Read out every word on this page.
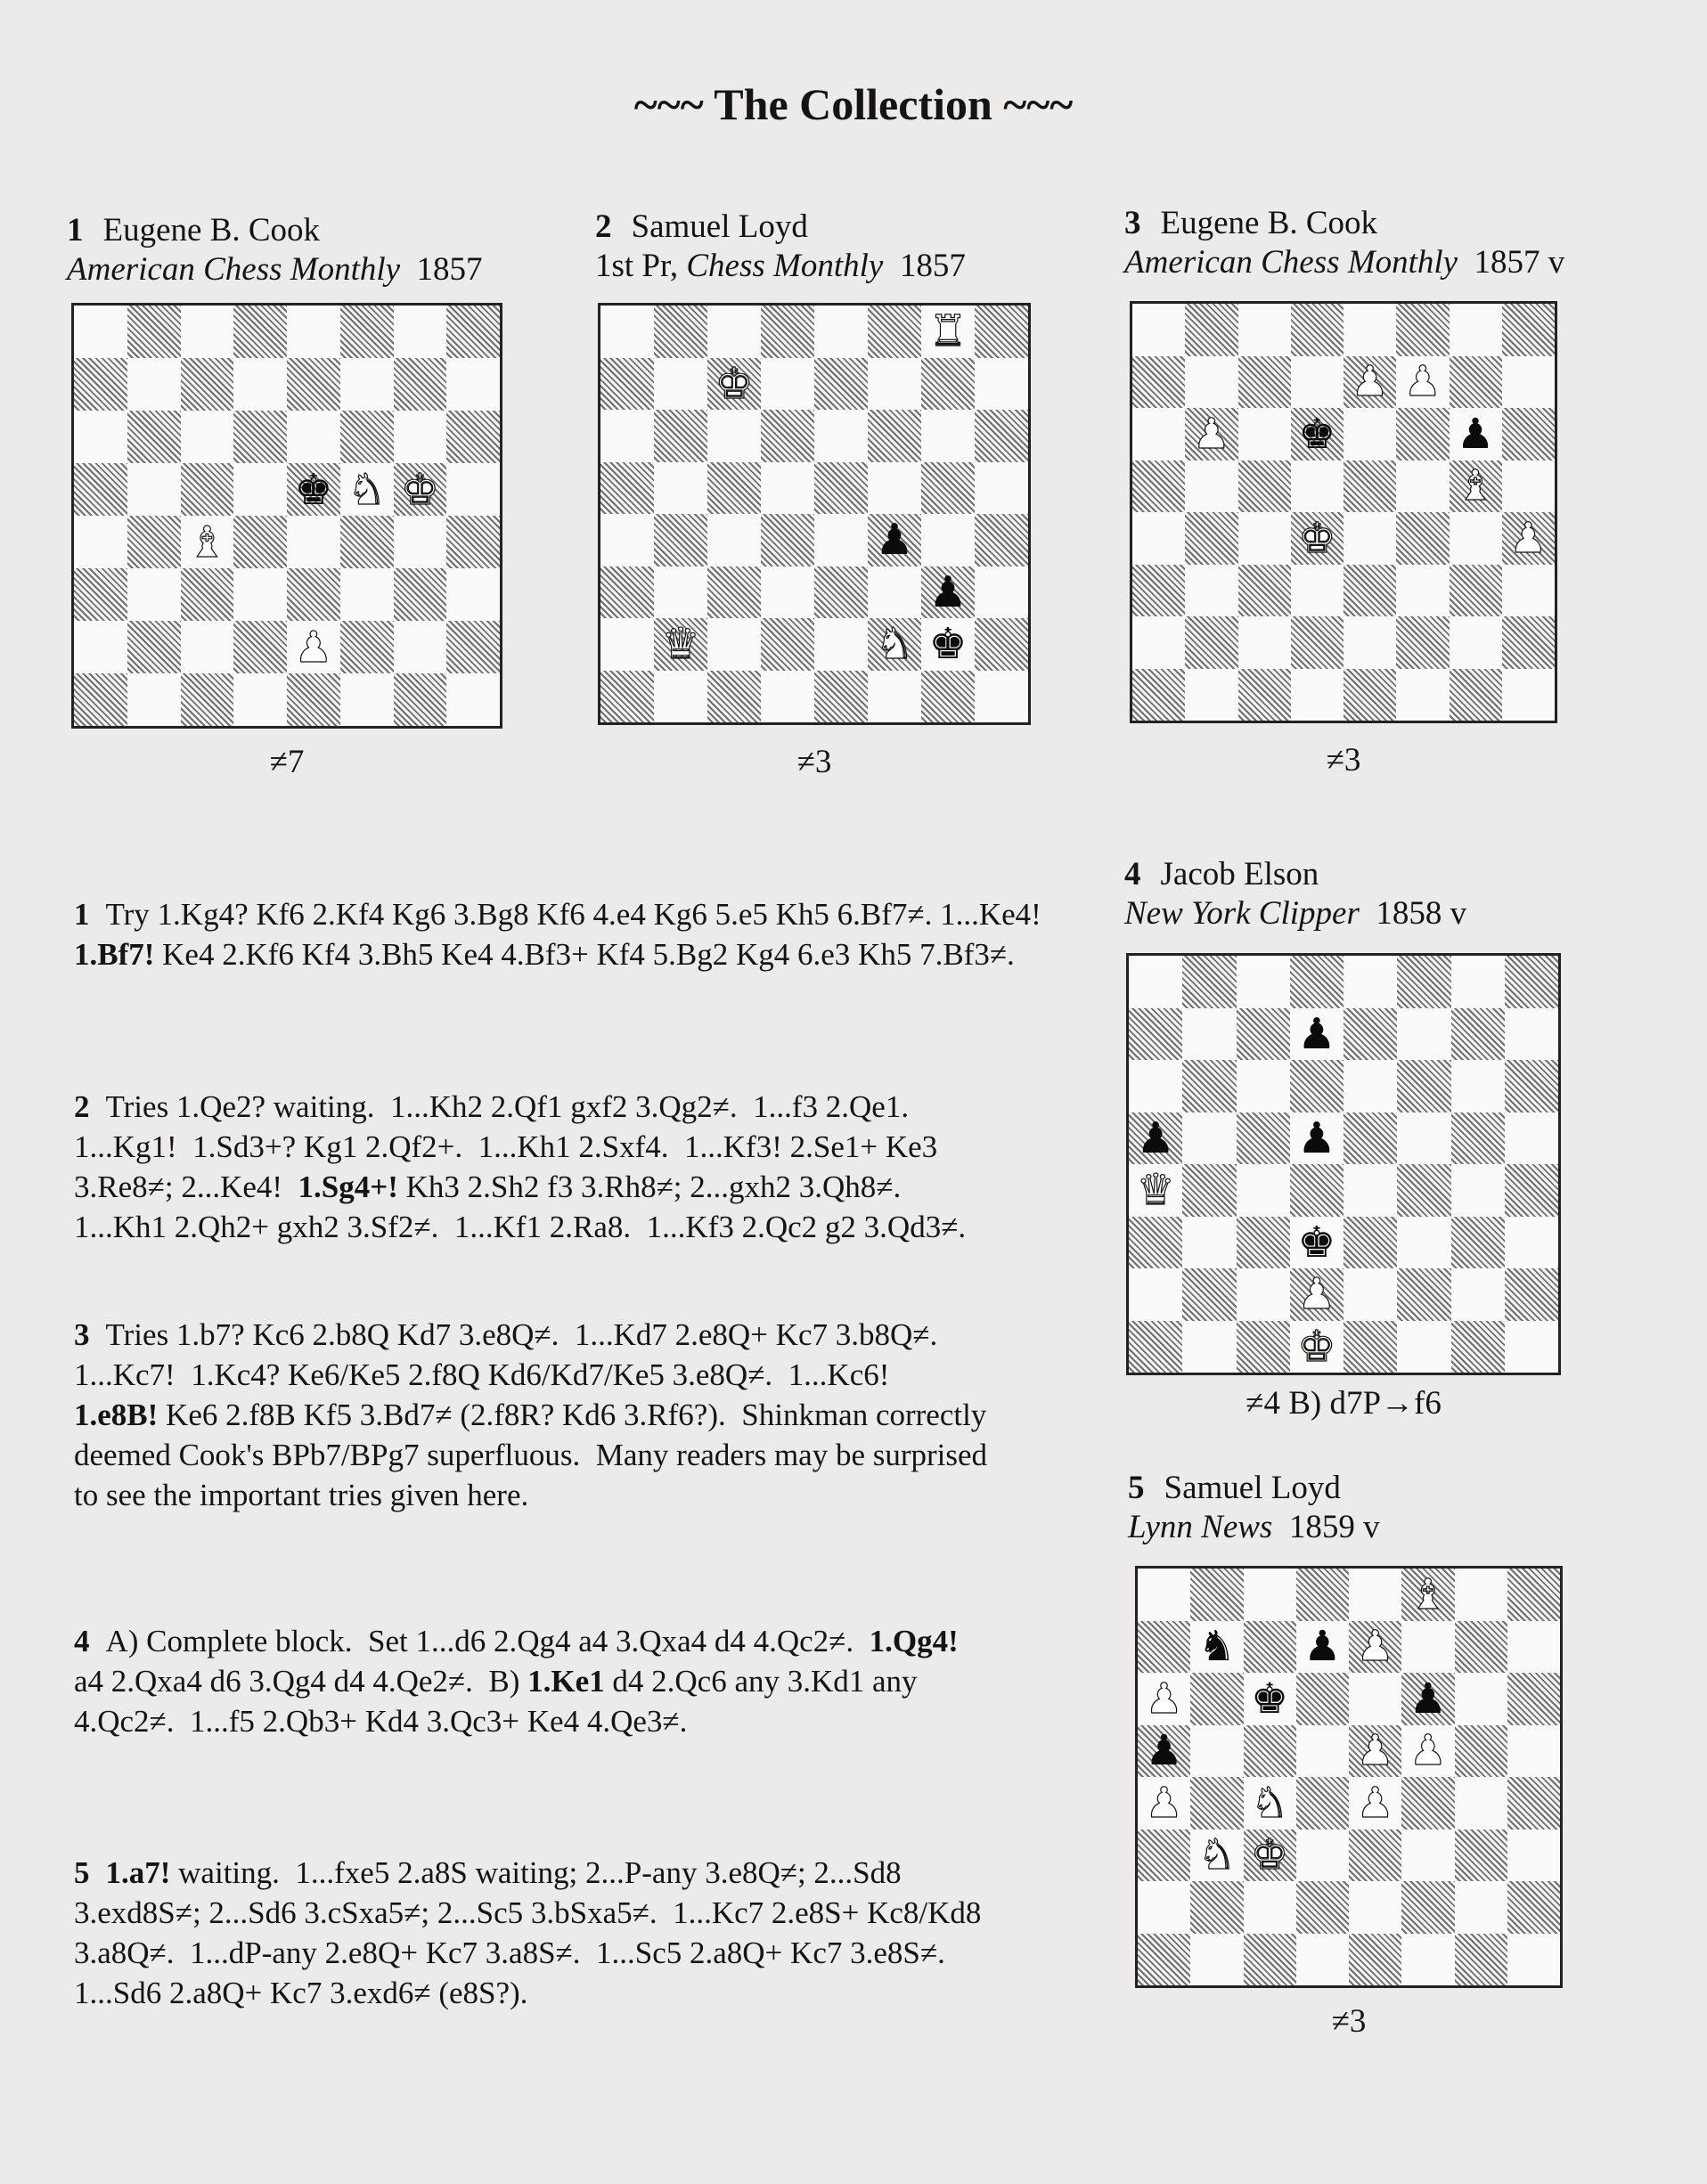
~~~ The Collection ~~~
1 Eugene B. Cook
American Chess Monthly 1857
2 Samuel Loyd
1st Pr, Chess Monthly 1857
3 Eugene B. Cook
American Chess Monthly 1857 v
4 Jacob Elson
New York Clipper 1858 v
5 Samuel Loyd
Lynn News 1859 v
♚ ♞ ♚
♝
♟
♜
♚
♟
♟
♛	♞ ♚
♟ ♟
♟ ♚	♟
♝
♚	♟
♟
♟	♟
♛
♚
♟
♚
♝
♞ ♟ ♟
♟ ♚	♟
♟	♟ ♟
♟ ♞ ♟
♞ ♚
≠7	≠3	≠3
≠4 B) d7P→f6
≠3
1 Try 1.Kg4? Kf6 2.Kf4 Kg6 3.Bg8 Kf6 4.e4 Kg6 5.e5 Kh5 6.Bf7≠. 1...Ke4! 1.Bf7! Ke4 2.Kf6 Kf4 3.Bh5 Ke4 4.Bf3+ Kf4 5.Bg2 Kg4 6.e3 Kh5 7.Bf3≠.
2 Tries 1.Qe2? waiting.  1...Kh2 2.Qf1 gxf2 3.Qg2≠.  1...f3 2.Qe1.
1...Kg1!  1.Sd3+? Kg1 2.Qf2+.  1...Kh1 2.Sxf4.  1...Kf3! 2.Se1+ Ke3
3.Re8≠; 2...Ke4!  1.Sg4+! Kh3 2.Sh2 f3 3.Rh8≠; 2...gxh2 3.Qh8≠.
1...Kh1 2.Qh2+ gxh2 3.Sf2≠.  1...Kf1 2.Ra8.  1...Kf3 2.Qc2 g2 3.Qd3≠.
3 Tries 1.b7? Kc6 2.b8Q Kd7 3.e8Q≠.  1...Kd7 2.e8Q+ Kc7 3.b8Q≠.
1...Kc7!  1.Kc4? Ke6/Ke5 2.f8Q Kd6/Kd7/Ke5 3.e8Q≠.  1...Kc6!
1.e8B! Ke6 2.f8B Kf5 3.Bd7≠ (2.f8R? Kd6 3.Rf6?).  Shinkman correctly
deemed Cook's BPb7/BPg7 superfluous.  Many readers may be surprised
to see the important tries given here.
4 A) Complete block.  Set 1...d6 2.Qg4 a4 3.Qxa4 d4 4.Qc2≠.  1.Qg4!
a4 2.Qxa4 d6 3.Qg4 d4 4.Qe2≠.  B) 1.Ke1 d4 2.Qc6 any 3.Kd1 any
4.Qc2≠.  1...f5 2.Qb3+ Kd4 3.Qc3+ Ke4 4.Qe3≠.
5 1.a7! waiting.  1...fxe5 2.a8S waiting; 2...P-any 3.e8Q≠; 2...Sd8
3.exd8S≠; 2...Sd6 3.cSxa5≠; 2...Sc5 3.bSxa5≠.  1...Kc7 2.e8S+ Kc8/Kd8
3.a8Q≠.  1...dP-any 2.e8Q+ Kc7 3.a8S≠.  1...Sc5 2.a8Q+ Kc7 3.e8S≠.
1...Sd6 2.a8Q+ Kc7 3.exd6≠ (e8S?).
